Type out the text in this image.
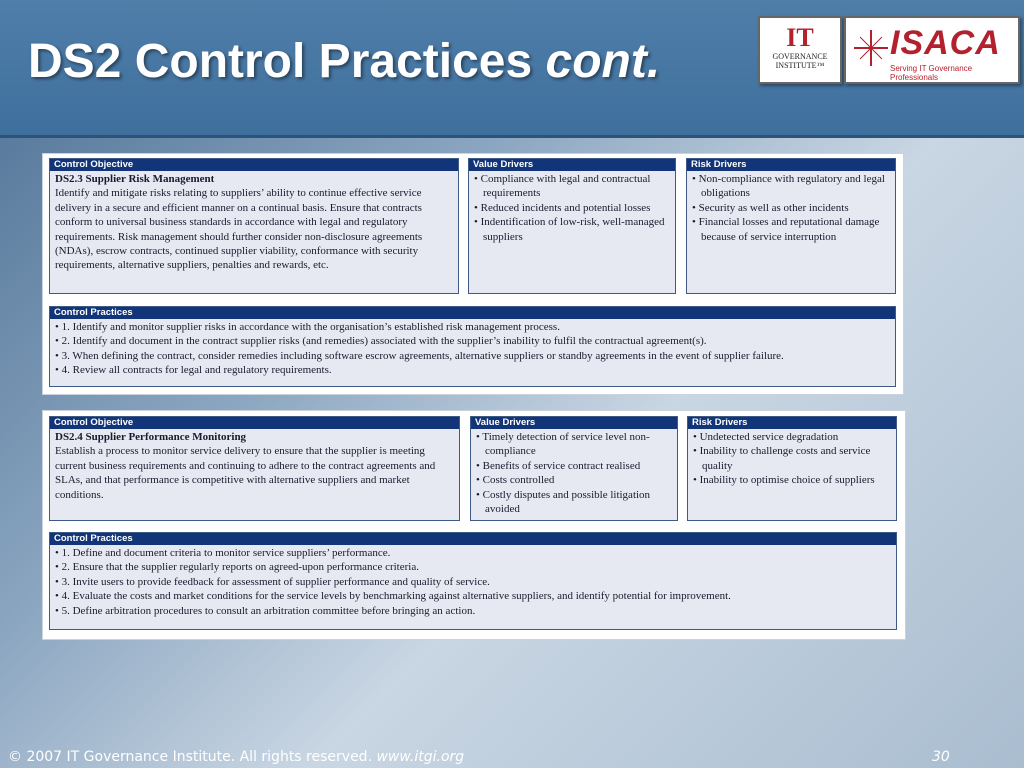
DS2 Control Practices cont.	IT
GOVERNANCE
INSTITUTE™
ISACA
Serving IT Governance Professionals
Control Objective
DS2.3 Supplier Risk Management
Identify and mitigate risks relating to suppliers’ ability to continue effective service delivery in a secure and efficient manner on a continual basis. Ensure that contracts conform to universal business standards in accordance with legal and regulatory requirements. Risk management should further consider non-disclosure agreements (NDAs), escrow contracts, continued supplier viability, conformance with security requirements, alternative suppliers, penalties and rewards, etc.
Value Drivers
• Compliance with legal and contractual requirements
• Reduced incidents and potential losses
• Indentification of low-risk, well-managed suppliers
Risk Drivers
• Non-compliance with regulatory and legal obligations
• Security as well as other incidents
• Financial losses and reputational damage because of service interruption
Control Practices
• 1. Identify and monitor supplier risks in accordance with the organisation’s established risk management process.
• 2. Identify and document in the contract supplier risks (and remedies) associated with the supplier’s inability to fulfil the contractual agreement(s).
• 3. When defining the contract, consider remedies including software escrow agreements, alternative suppliers or standby agreements in the event of supplier failure.
• 4. Review all contracts for legal and regulatory requirements.
Control Objective
DS2.4 Supplier Performance Monitoring
Establish a process to monitor service delivery to ensure that the supplier is meeting current business requirements and continuing to adhere to the contract agreements and SLAs, and that performance is competitive with alternative suppliers and market conditions.
Value Drivers
• Timely detection of service level non-compliance
• Benefits of service contract realised
• Costs controlled
• Costly disputes and possible litigation avoided
Risk Drivers
• Undetected service degradation
• Inability to challenge costs and service quality
• Inability to optimise choice of suppliers
Control Practices
• 1. Define and document criteria to monitor service suppliers’ performance.
• 2. Ensure that the supplier regularly reports on agreed-upon performance criteria.
• 3. Invite users to provide feedback for assessment of supplier performance and quality of service.
• 4. Evaluate the costs and market conditions for the service levels by benchmarking against alternative suppliers, and identify potential for improvement.
• 5. Define arbitration procedures to consult an arbitration committee before bringing an action.
© 2007 IT Governance Institute. All rights reserved. www.itgi.org	30
